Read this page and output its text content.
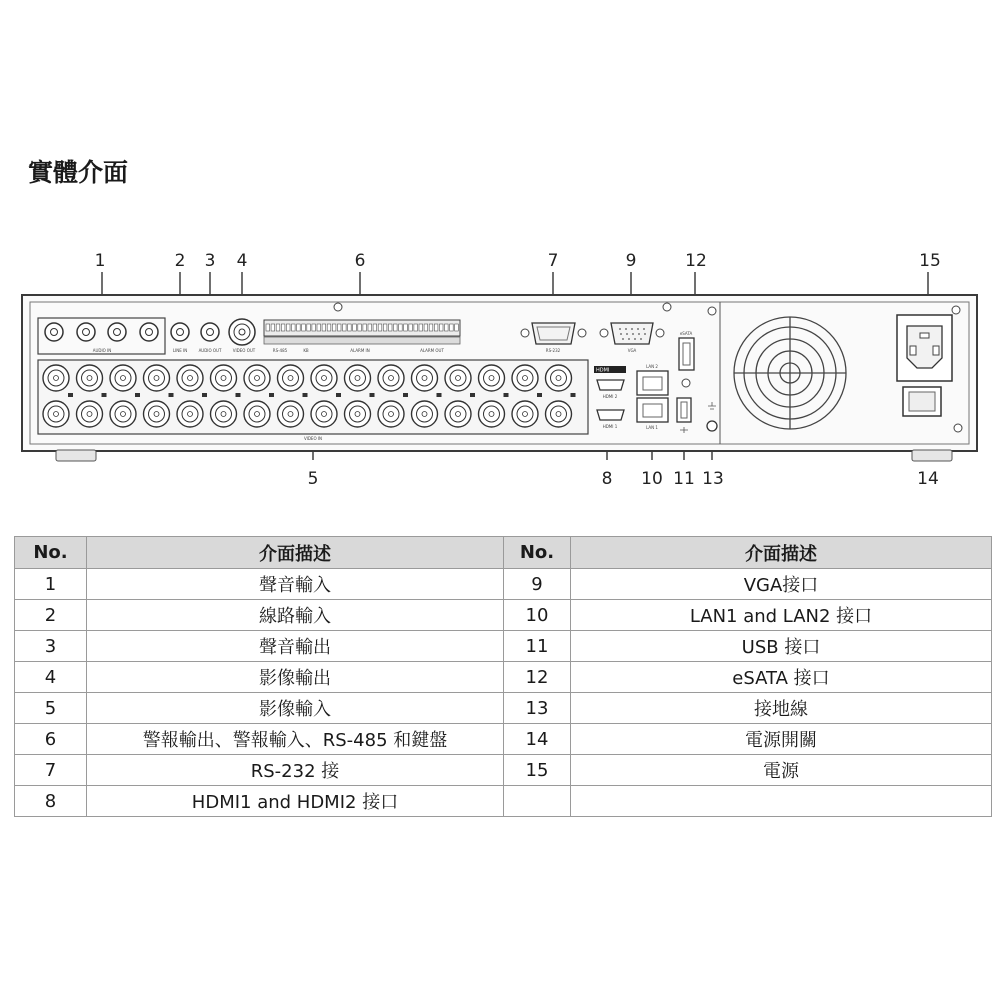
實體介面
1	2 3 4	6	7	9	12	15
5	8 10 11 13	14
AUDIO IN	LINE IN	AUDIO OUT	VIDEO OUT	RS-485	KB	ALARM IN	ALARM OUT	RS-232	VGA
VIDEO IN
HDMI
HDMI 2
HDMI 1
LAN 2
LAN 1
eSATA
No.	介面描述	No.	介面描述
1	聲音輸入	9	VGA接口
2	線路輸入	10	LAN1 and LAN2 接口
3	聲音輸出	11	USB 接口
4	影像輸出	12	eSATA 接口
5	影像輸入	13	接地線
6	警報輸出、警報輸入、RS-485 和鍵盤	14	電源開關
7	RS-232 接	15	電源
8	HDMI1 and HDMI2 接口		
